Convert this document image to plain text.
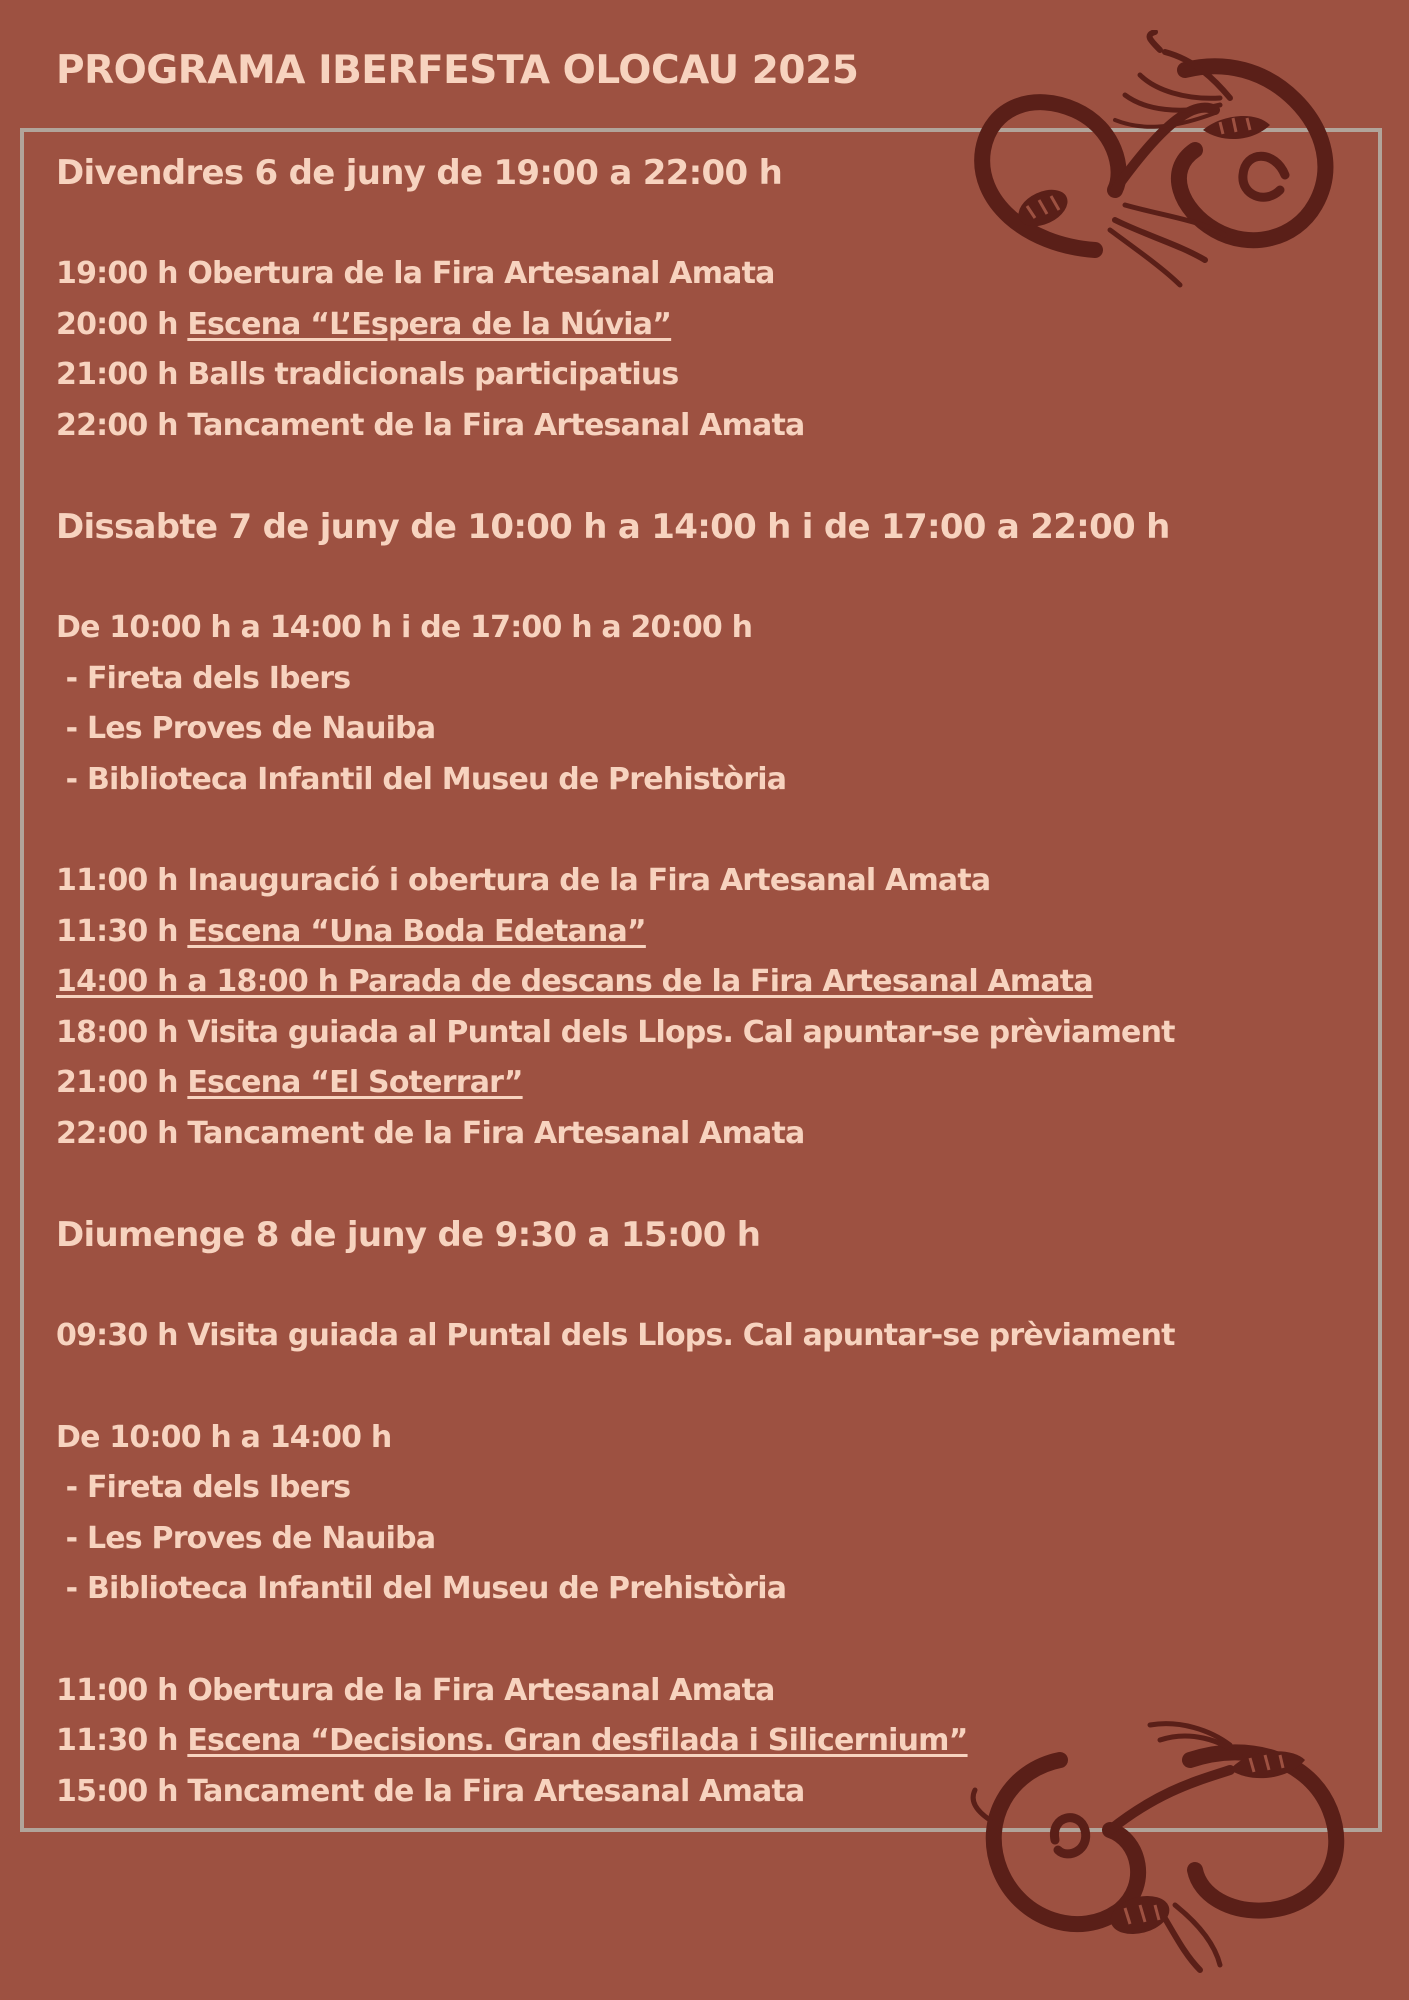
PROGRAMA IBERFESTA OLOCAU 2025
Divendres 6 de juny de 19:00 a 22:00 h
19:00 h Obertura de la Fira Artesanal Amata
20:00 h Escena “L’Espera de la Núvia”
21:00 h Balls tradicionals participatius
22:00 h Tancament de la Fira Artesanal Amata
Dissabte 7 de juny de 10:00 h a 14:00 h i de 17:00 a 22:00 h
De 10:00 h a 14:00 h i de 17:00 h a 20:00 h
- Fireta dels Ibers
- Les Proves de Nauiba
- Biblioteca Infantil del Museu de Prehistòria
11:00 h Inauguració i obertura de la Fira Artesanal Amata
11:30 h Escena “Una Boda Edetana”
14:00 h a 18:00 h Parada de descans de la Fira Artesanal Amata
18:00 h Visita guiada al Puntal dels Llops. Cal apuntar-se prèviament
21:00 h Escena “El Soterrar”
22:00 h Tancament de la Fira Artesanal Amata
Diumenge 8 de juny de 9:30 a 15:00 h
09:30 h Visita guiada al Puntal dels Llops. Cal apuntar-se prèviament
De 10:00 h a 14:00 h
- Fireta dels Ibers
- Les Proves de Nauiba
- Biblioteca Infantil del Museu de Prehistòria
11:00 h Obertura de la Fira Artesanal Amata
11:30 h Escena “Decisions. Gran desfilada i Silicernium”
15:00 h Tancament de la Fira Artesanal Amata
